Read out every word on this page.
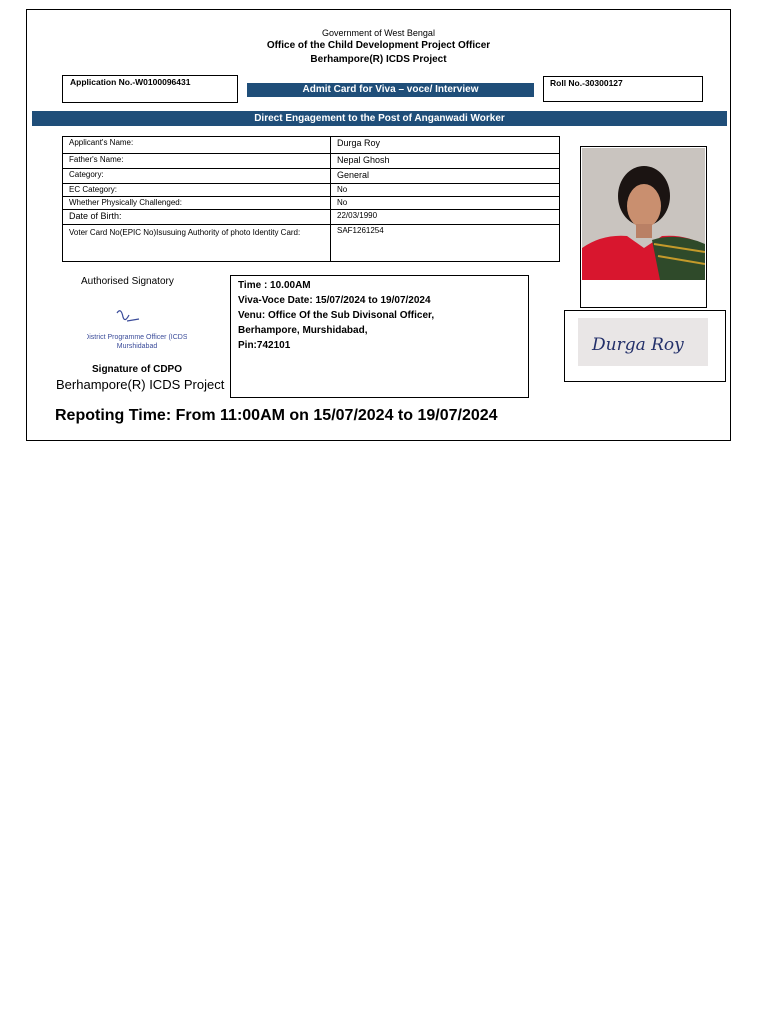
Government of West Bengal
Office of the Child Development Project Officer
Berhampore(R) ICDS Project
Application No.-W0100096431
Admit Card for Viva – voce/ Interview
Roll No.-30300127
Direct Engagement to the Post of Anganwadi Worker
Applicant's Name:	Durga Roy
Father's Name:	Nepal Ghosh
Category:	General
EC Category:	No
Whether Physically Challenged:	No
Date of Birth:	22/03/1990
Voter Card No(EPIC No)Isusuing Authority of photo Identity Card:	SAF1261254
Durga Roy
Authorised Signatory
District Programme Officer (ICDS)
Murshidabad
Signature of CDPO
Berhampore(R) ICDS Project
Time : 10.00AM
Viva-Voce Date: 15/07/2024 to 19/07/2024
Venu: Office Of the Sub Divisonal Officer,
Berhampore, Murshidabad,
Pin:742101
Repoting Time: From 11:00AM on 15/07/2024 to 19/07/2024
